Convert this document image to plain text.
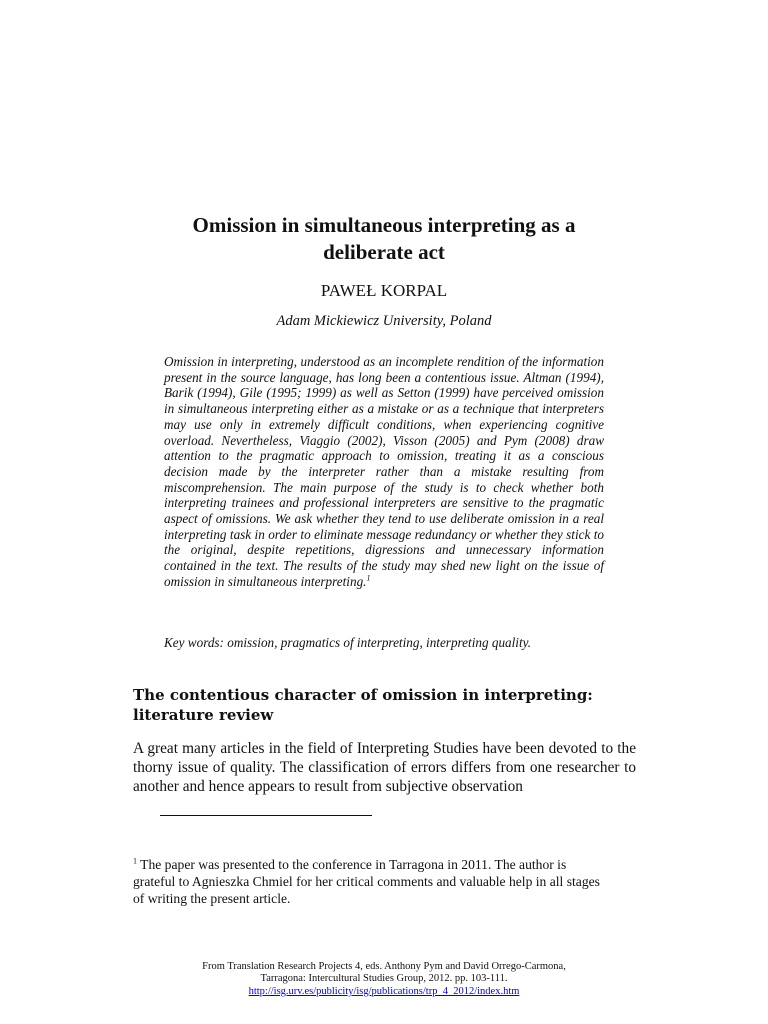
Omission in simultaneous interpreting as a
deliberate act
PAWEŁ KORPAL
Adam Mickiewicz University, Poland

Omission in interpreting, understood as an incomplete rendition of the information present in the source language, has long been a contentious issue. Altman (1994), Barik (1994), Gile (1995; 1999) as well as Setton (1999) have perceived omission in simultaneous interpreting either as a mistake or as a technique that interpreters may use only in extremely difficult conditions, when experiencing cognitive overload. Nevertheless, Viaggio (2002), Visson (2005) and Pym (2008) draw attention to the pragmatic approach to omission, treating it as a conscious decision made by the interpreter rather than a mistake resulting from miscomprehension. The main purpose of the study is to check whether both interpreting trainees and professional interpreters are sensitive to the pragmatic aspect of omissions. We ask whether they tend to use deliberate omission in a real interpreting task in order to eliminate message redundancy or whether they stick to the original, despite repetitions, digressions and unnecessary information contained in the text. The results of the study may shed new light on the issue of omission in simultaneous interpreting.$^1$

Key words: omission, pragmatics of interpreting, interpreting quality.
The contentious character of omission in interpreting: literature review

A great many articles in the field of Interpreting Studies have been devoted to the thorny issue of quality. The classification of errors differs from one researcher to another and hence appears to result from subjective observation

$^1$ The paper was presented to the conference in Tarragona in 2011. The author is grateful to Agnieszka Chmiel for her critical comments and valuable help in all stages of writing the present article.

From Translation Research Projects 4, eds. Anthony Pym and David Orrego-Carmona,
Tarragona: Intercultural Studies Group, 2012. pp. 103-111.
http://isg.urv.es/publicity/isg/publications/trp_4_2012/index.htm
